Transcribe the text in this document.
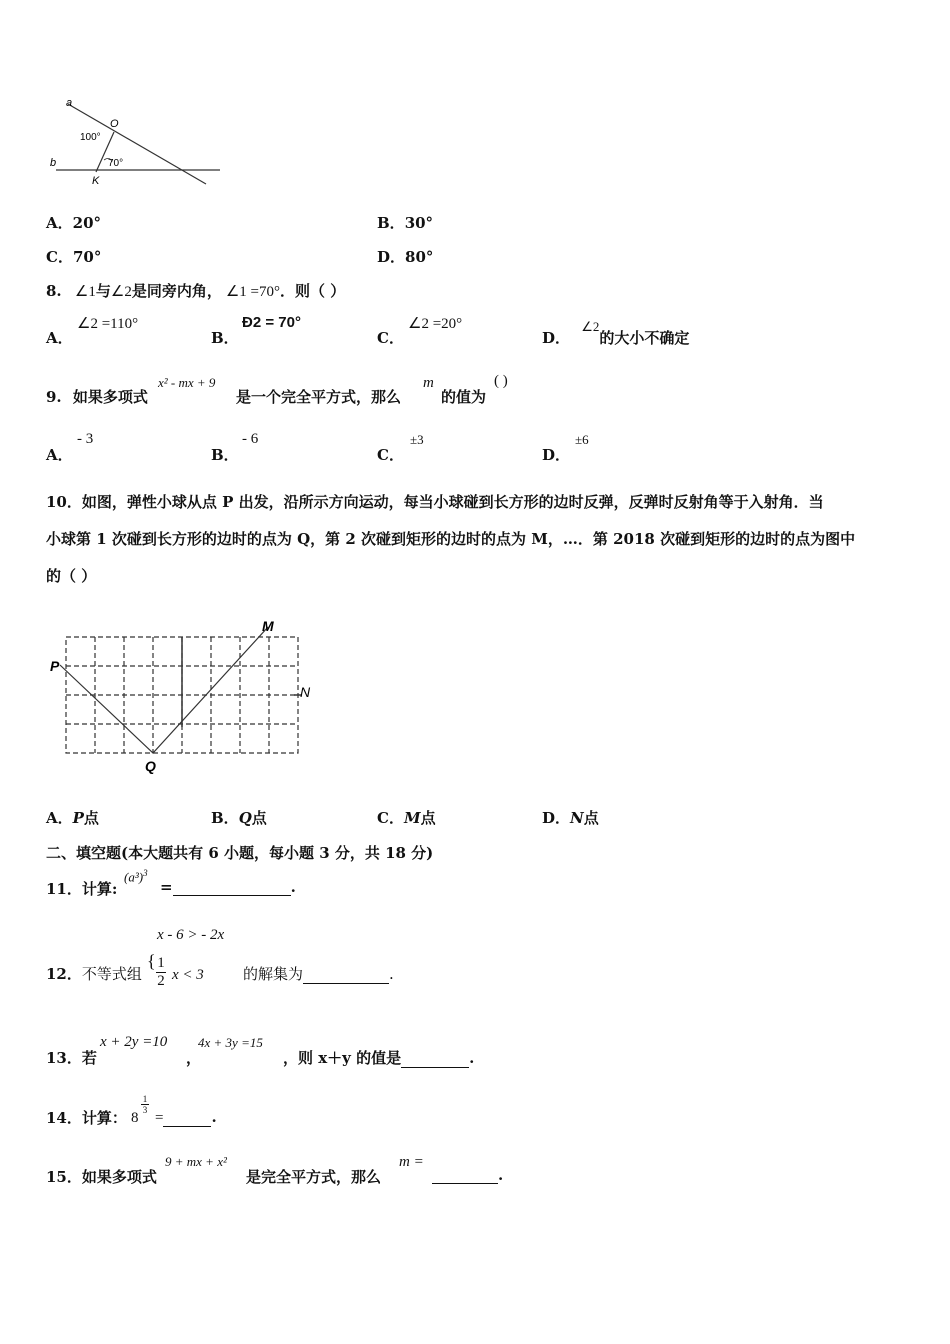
a
b
O
K
100°
70°
A．20°	B．30°
C．70°	D．80°
8. ∠1与∠2是同旁内角， ∠1 =70°．则（ ）
A．
∠2 =110°
B．
Ð2 = 70°
C．
∠2 =20°
D． ∠2的大小不确定
9. 如果多项式
x² - mx + 9
是一个完全平方式，那么
m
的值为
( )
A．
- 3
B．
- 6
C．
±3
D．
±6
10．如图，弹性小球从点 P 出发，沿所示方向运动，每当小球碰到长方形的边时反弹，反弹时反射角等于入射角．当
小球第 1 次碰到长方形的边时的点为 Q，第 2 次碰到矩形的边时的点为 M，…．第 2018 次碰到矩形的边时的点为图中
的（ ）
P
M
N
Q
A．P点	B．Q点	C．M点	D．N点
二、填空题(本大题共有 6 小题，每小题 3 分，共 18 分)
11．计算:
$(a^3)^3$
=	.
x - 6 > - 2x
12．不等式组
{ $\frac{1}{2}$ x < 3	的解集为	.
13．若
x + 2y =10
，
4x + 3y =15
，则 x＋y 的值是	.
14．计算： 8
$\frac{1}{3}$
=	.
15．如果多项式
9 + mx + x²
是完全平方式，那么
m =
.
